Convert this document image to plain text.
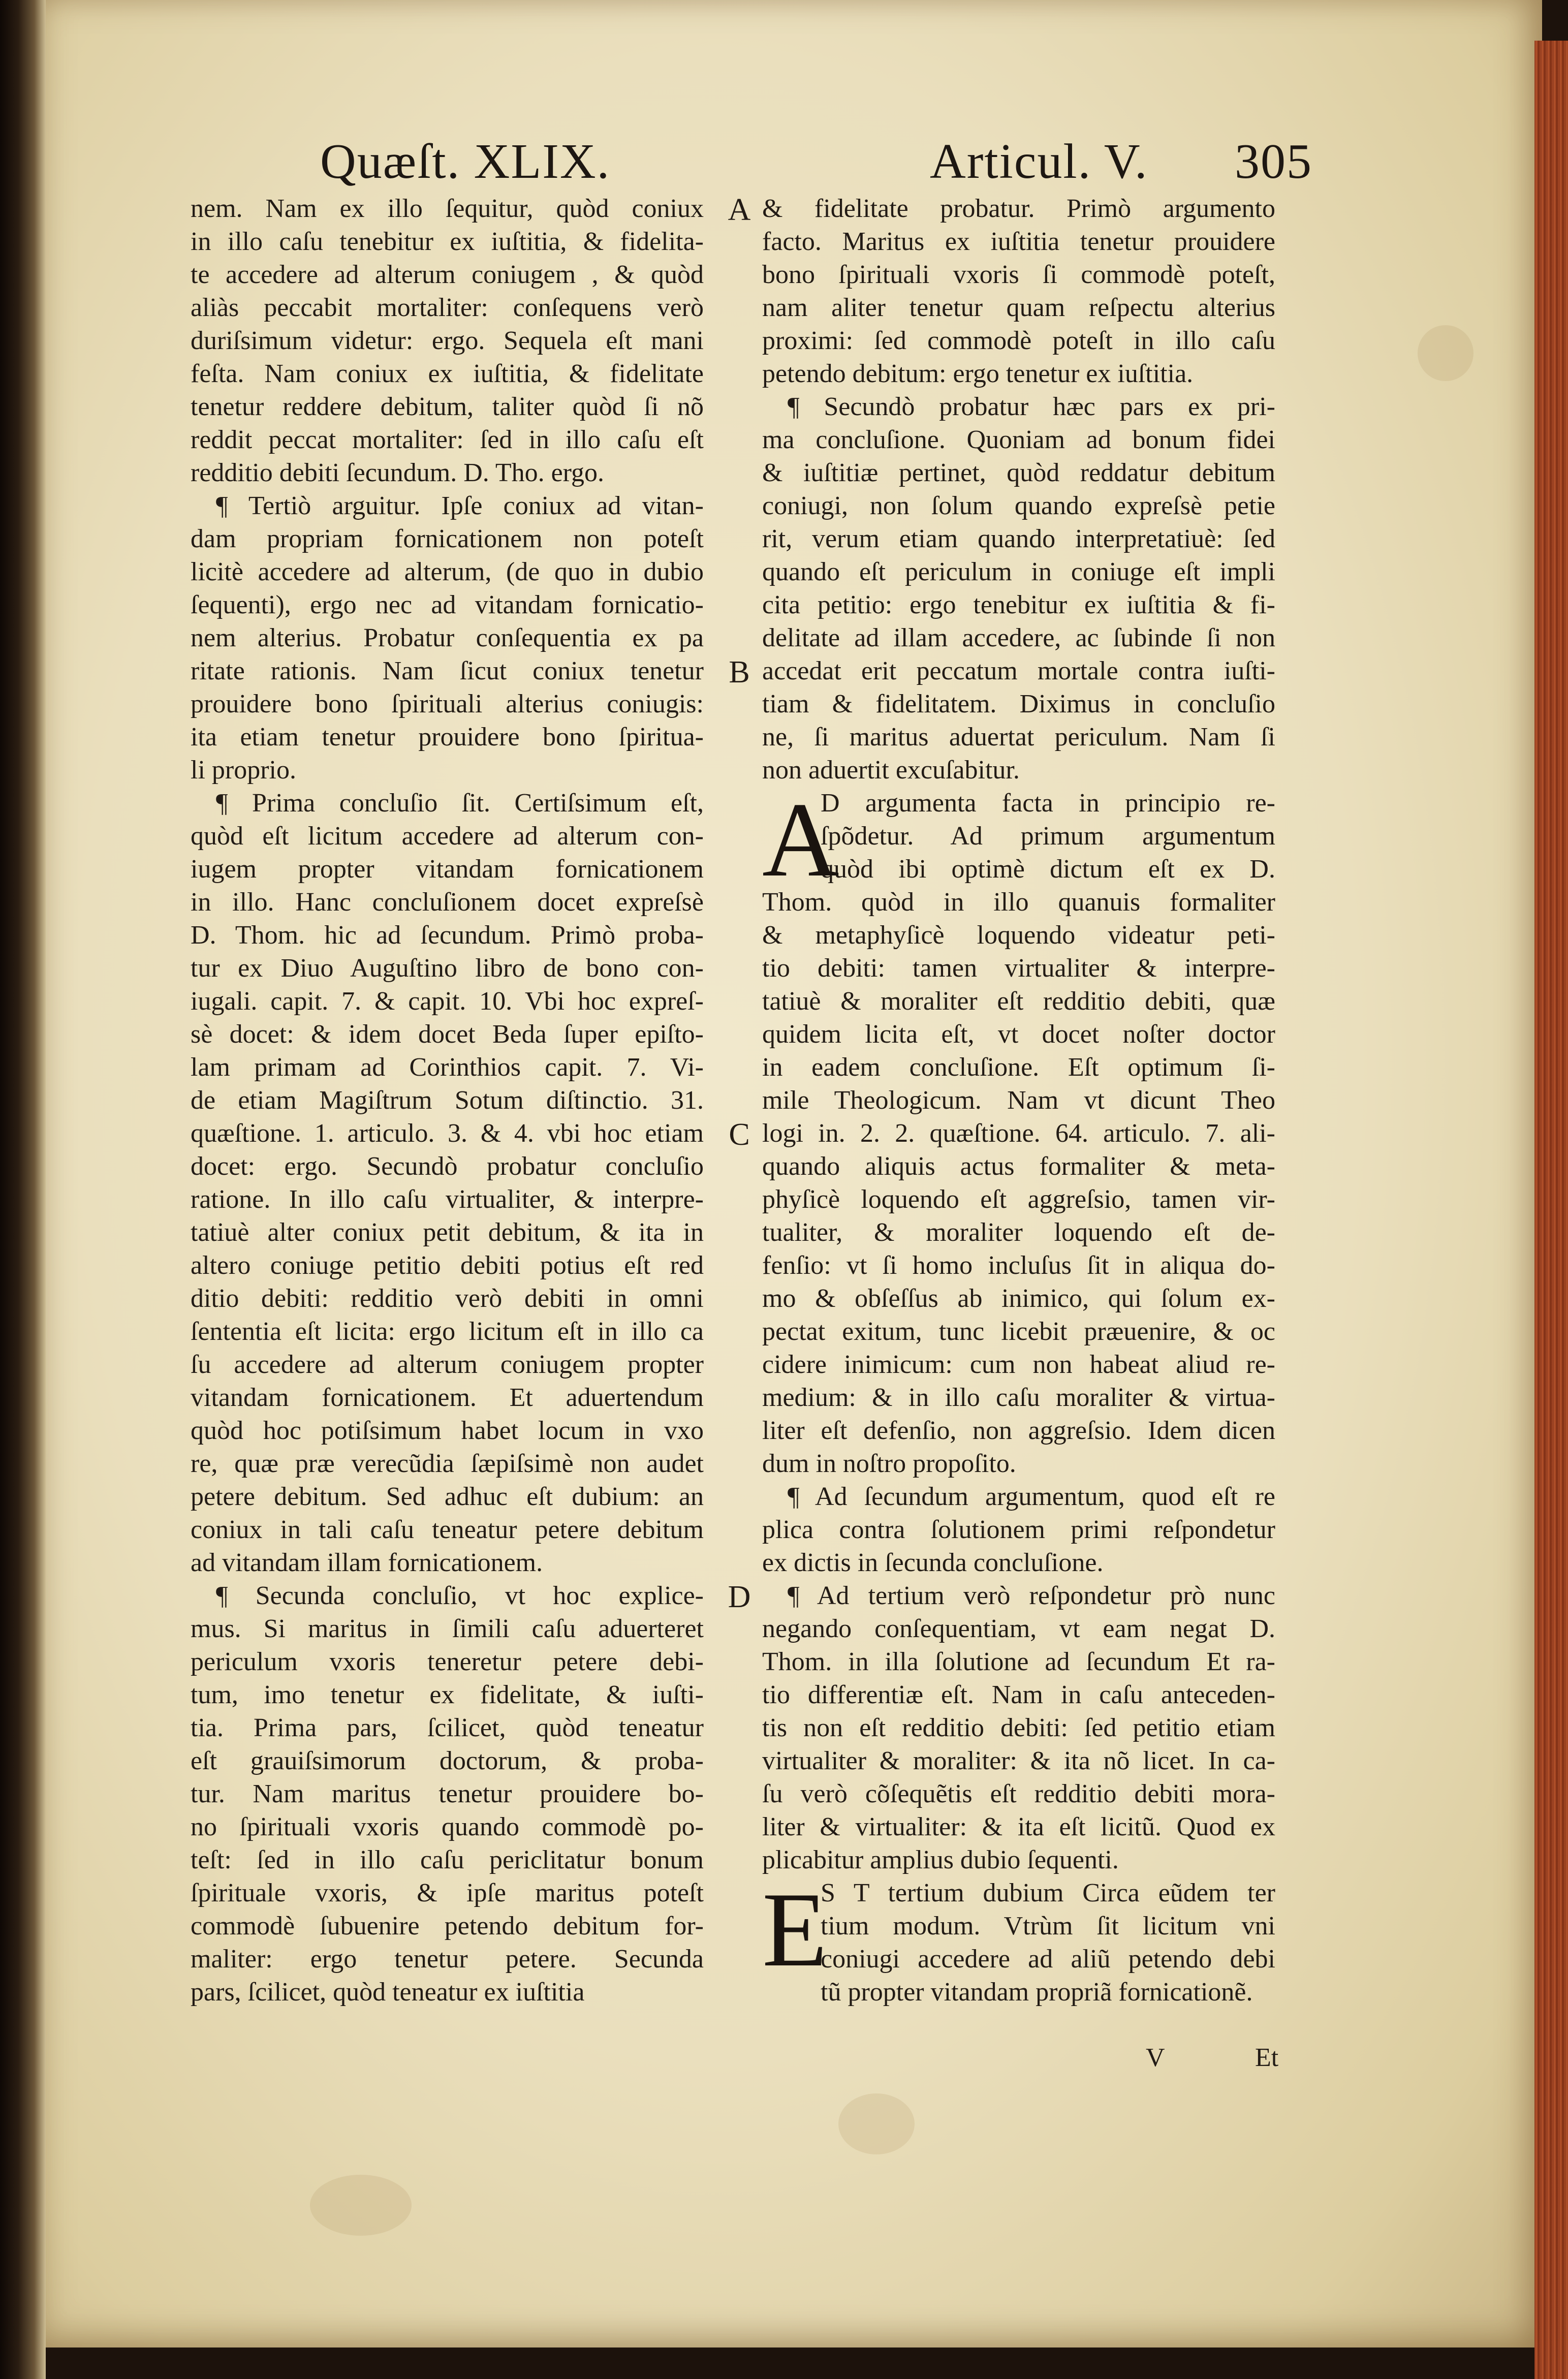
Quæſt. XLIX.	Articul. V. 305
nem. Nam ex illo ſequitur, quòd coniux
in illo caſu tenebitur ex iuſtitia, & fidelita-
te accedere ad alterum coniugem , & quòd
aliàs peccabit mortaliter: conſequens verò
duriſsimum videtur: ergo. Sequela eſt mani
feſta. Nam coniux ex iuſtitia, & fidelitate
tenetur reddere debitum, taliter quòd ſi nõ
reddit peccat mortaliter: ſed in illo caſu eſt
redditio debiti ſecundum. D. Tho. ergo.
¶ Tertiò arguitur. Ipſe coniux ad vitan-
dam propriam fornicationem non poteſt
licitè accedere ad alterum, (de quo in dubio
ſequenti), ergo nec ad vitandam fornicatio-
nem alterius. Probatur conſequentia ex pa
ritate rationis. Nam ſicut coniux tenetur
prouidere bono ſpirituali alterius coniugis:
ita etiam tenetur prouidere bono ſpiritua-
li proprio.
¶ Prima concluſio ſit. Certiſsimum eſt,
quòd eſt licitum accedere ad alterum con-
iugem propter vitandam fornicationem
in illo. Hanc concluſionem docet expreſsè
D. Thom. hic ad ſecundum. Primò proba-
tur ex Diuo Auguſtino libro de bono con-
iugali. capit. 7. & capit. 10. Vbi hoc expreſ-
sè docet: & idem docet Beda ſuper epiſto-
lam primam ad Corinthios capit. 7. Vi-
de etiam Magiſtrum Sotum diſtinctio. 31.
quæſtione. 1. articulo. 3. & 4. vbi hoc etiam
docet: ergo. Secundò probatur concluſio
ratione. In illo caſu virtualiter, & interpre-
tatiuè alter coniux petit debitum, & ita in
altero coniuge petitio debiti potius eſt red
ditio debiti: redditio verò debiti in omni
ſententia eſt licita: ergo licitum eſt in illo ca
ſu accedere ad alterum coniugem propter
vitandam fornicationem. Et aduertendum
quòd hoc potiſsimum habet locum in vxo
re, quæ præ verecũdia ſæpiſsimè non audet
petere debitum. Sed adhuc eſt dubium: an
coniux in tali caſu teneatur petere debitum
ad vitandam illam fornicationem.
¶ Secunda concluſio, vt hoc explice-
mus. Si maritus in ſimili caſu aduerteret
periculum vxoris teneretur petere debi-
tum, imo tenetur ex fidelitate, & iuſti-
tia. Prima pars, ſcilicet, quòd teneatur
eſt grauiſsimorum doctorum, & proba-
tur. Nam maritus tenetur prouidere bo-
no ſpirituali vxoris quando commodè po-
teſt: ſed in illo caſu periclitatur bonum
ſpirituale vxoris, & ipſe maritus poteſt
commodè ſubuenire petendo debitum for-
maliter: ergo tenetur petere. Secunda
pars, ſcilicet, quòd teneatur ex iuſtitia
& fidelitate probatur. Primò argumento
facto. Maritus ex iuſtitia tenetur prouidere
bono ſpirituali vxoris ſi commodè poteſt,
nam aliter tenetur quam reſpectu alterius
proximi: ſed commodè poteſt in illo caſu
petendo debitum: ergo tenetur ex iuſtitia.
¶ Secundò probatur hæc pars ex pri-
ma concluſione. Quoniam ad bonum fidei
& iuſtitiæ pertinet, quòd reddatur debitum
coniugi, non ſolum quando expreſsè petie
rit, verum etiam quando interpretatiuè: ſed
quando eſt periculum in coniuge eſt impli
cita petitio: ergo tenebitur ex iuſtitia & fi-
delitate ad illam accedere, ac ſubinde ſi non
accedat erit peccatum mortale contra iuſti-
tiam & fidelitatem. Diximus in concluſio
ne, ſi maritus aduertat periculum. Nam ſi
non aduertit excuſabitur.
D argumenta facta in principio re-
ſpõdetur. Ad primum argumentum
quòd ibi optimè dictum eſt ex D.
Thom. quòd in illo quanuis formaliter
& metaphyſicè loquendo videatur peti-
tio debiti: tamen virtualiter & interpre-
tatiuè & moraliter eſt redditio debiti, quæ
quidem licita eſt, vt docet noſter doctor
in eadem concluſione. Eſt optimum ſi-
mile Theologicum. Nam vt dicunt Theo
logi in. 2. 2. quæſtione. 64. articulo. 7. ali-
quando aliquis actus formaliter & meta-
phyſicè loquendo eſt aggreſsio, tamen vir-
tualiter, & moraliter loquendo eſt de-
fenſio: vt ſi homo incluſus ſit in aliqua do-
mo & obſeſſus ab inimico, qui ſolum ex-
pectat exitum, tunc licebit præuenire, & oc
cidere inimicum: cum non habeat aliud re-
medium: & in illo caſu moraliter & virtua-
liter eſt defenſio, non aggreſsio. Idem dicen
dum in noſtro propoſito.
¶ Ad ſecundum argumentum, quod eſt re
plica contra ſolutionem primi reſpondetur
ex dictis in ſecunda concluſione.
¶ Ad tertium verò reſpondetur prò nunc
negando conſequentiam, vt eam negat D.
Thom. in illa ſolutione ad ſecundum Et ra-
tio differentiæ eſt. Nam in caſu anteceden-
tis non eſt redditio debiti: ſed petitio etiam
virtualiter & moraliter: & ita nõ licet. In ca-
ſu verò cõſequẽtis eſt redditio debiti mora-
liter & virtualiter: & ita eſt licitũ. Quod ex
plicabitur amplius dubio ſequenti.
S T tertium dubium Circa eũdem ter
tium modum. Vtrùm ſit licitum vni
coniugi accedere ad aliũ petendo debi
tũ propter vitandam propriã fornicationẽ.
A
B
C
D
A
E
V	Et
